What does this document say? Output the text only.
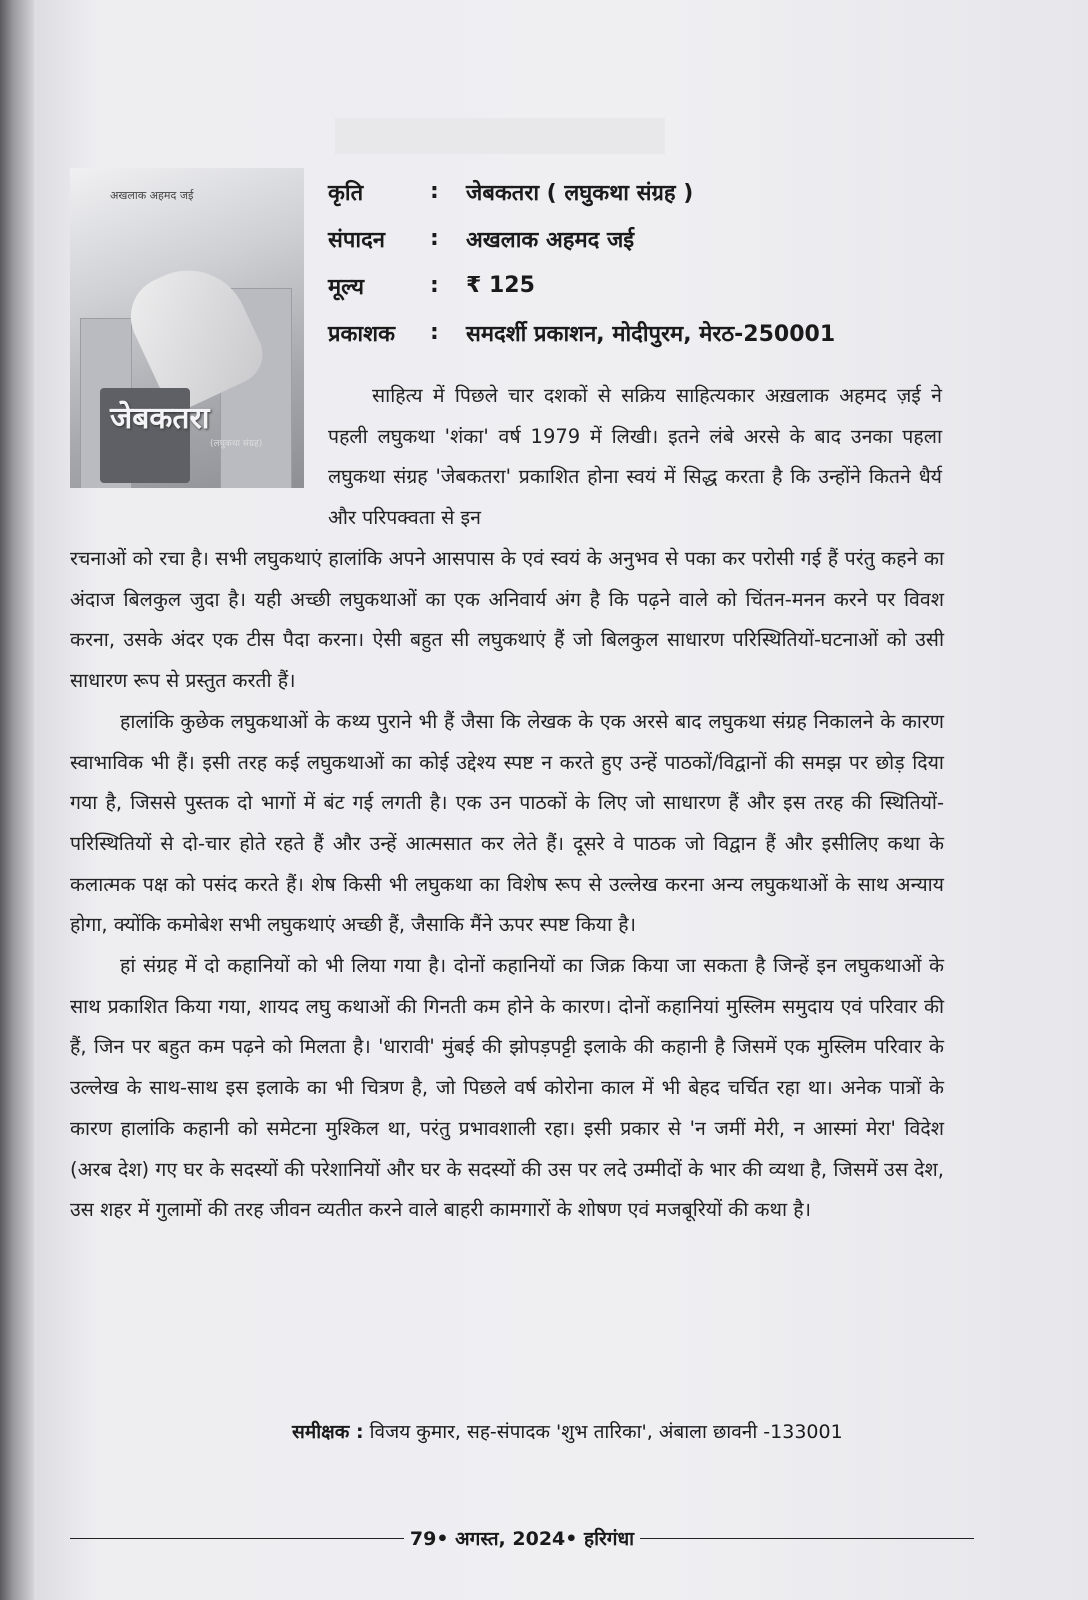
अखलाक अहमद जई
जेबकतरा
(लघुकथा संग्रह)
कृति	:	जेबकतरा ( लघुकथा संग्रह )
संपादन	:	अखलाक अहमद जई
मूल्य	:	₹ 125
प्रकाशक	:	समदर्शी प्रकाशन, मोदीपुरम, मेरठ-250001

साहित्य में पिछले चार दशकों से सक्रिय साहित्यकार अख़लाक अहमद ज़ई ने पहली लघुकथा 'शंका' वर्ष 1979 में लिखी। इतने लंबे अरसे के बाद उनका पहला लघुकथा संग्रह 'जेबकतरा' प्रकाशित होना स्वयं में सिद्ध करता है कि उन्होंने कितने धैर्य और परिपक्वता से इन

रचनाओं को रचा है। सभी लघुकथाएं हालांकि अपने आसपास के एवं स्वयं के अनुभव से पका कर परोसी गई हैं परंतु कहने का अंदाज बिलकुल जुदा है। यही अच्छी लघुकथाओं का एक अनिवार्य अंग है कि पढ़ने वाले को चिंतन-मनन करने पर विवश करना, उसके अंदर एक टीस पैदा करना। ऐसी बहुत सी लघुकथाएं हैं जो बिलकुल साधारण परिस्थितियों-घटनाओं को उसी साधारण रूप से प्रस्तुत करती हैं।

हालांकि कुछेक लघुकथाओं के कथ्य पुराने भी हैं जैसा कि लेखक के एक अरसे बाद लघुकथा संग्रह निकालने के कारण स्वाभाविक भी हैं। इसी तरह कई लघुकथाओं का कोई उद्देश्य स्पष्ट न करते हुए उन्हें पाठकों/विद्वानों की समझ पर छोड़ दिया गया है, जिससे पुस्तक दो भागों में बंट गई लगती है। एक उन पाठकों के लिए जो साधारण हैं और इस तरह की स्थितियों-परिस्थितियों से दो-चार होते रहते हैं और उन्हें आत्मसात कर लेते हैं। दूसरे वे पाठक जो विद्वान हैं और इसीलिए कथा के कलात्मक पक्ष को पसंद करते हैं। शेष किसी भी लघुकथा का विशेष रूप से उल्लेख करना अन्य लघुकथाओं के साथ अन्याय होगा, क्योंकि कमोबेश सभी लघुकथाएं अच्छी हैं, जैसाकि मैंने ऊपर स्पष्ट किया है।

हां संग्रह में दो कहानियों को भी लिया गया है। दोनों कहानियों का जिक्र किया जा सकता है जिन्हें इन लघुकथाओं के साथ प्रकाशित किया गया, शायद लघु कथाओं की गिनती कम होने के कारण। दोनों कहानियां मुस्लिम समुदाय एवं परिवार की हैं, जिन पर बहुत कम पढ़ने को मिलता है। 'धारावी' मुंबई की झोपड़पट्टी इलाके की कहानी है जिसमें एक मुस्लिम परिवार के उल्लेख के साथ-साथ इस इलाके का भी चित्रण है, जो पिछले वर्ष कोरोना काल में भी बेहद चर्चित रहा था। अनेक पात्रों के कारण हालांकि कहानी को समेटना मुश्किल था, परंतु प्रभावशाली रहा। इसी प्रकार से 'न जमीं मेरी, न आस्मां मेरा' विदेश (अरब देश) गए घर के सदस्यों की परेशानियों और घर के सदस्यों की उस पर लदे उम्मीदों के भार की व्यथा है, जिसमें उस देश, उस शहर में गुलामों की तरह जीवन व्यतीत करने वाले बाहरी कामगारों के शोषण एवं मजबूरियों की कथा है।

समीक्षक : विजय कुमार, सह-संपादक 'शुभ तारिका', अंबाला छावनी -133001
79• अगस्त, 2024• हरिगंधा
